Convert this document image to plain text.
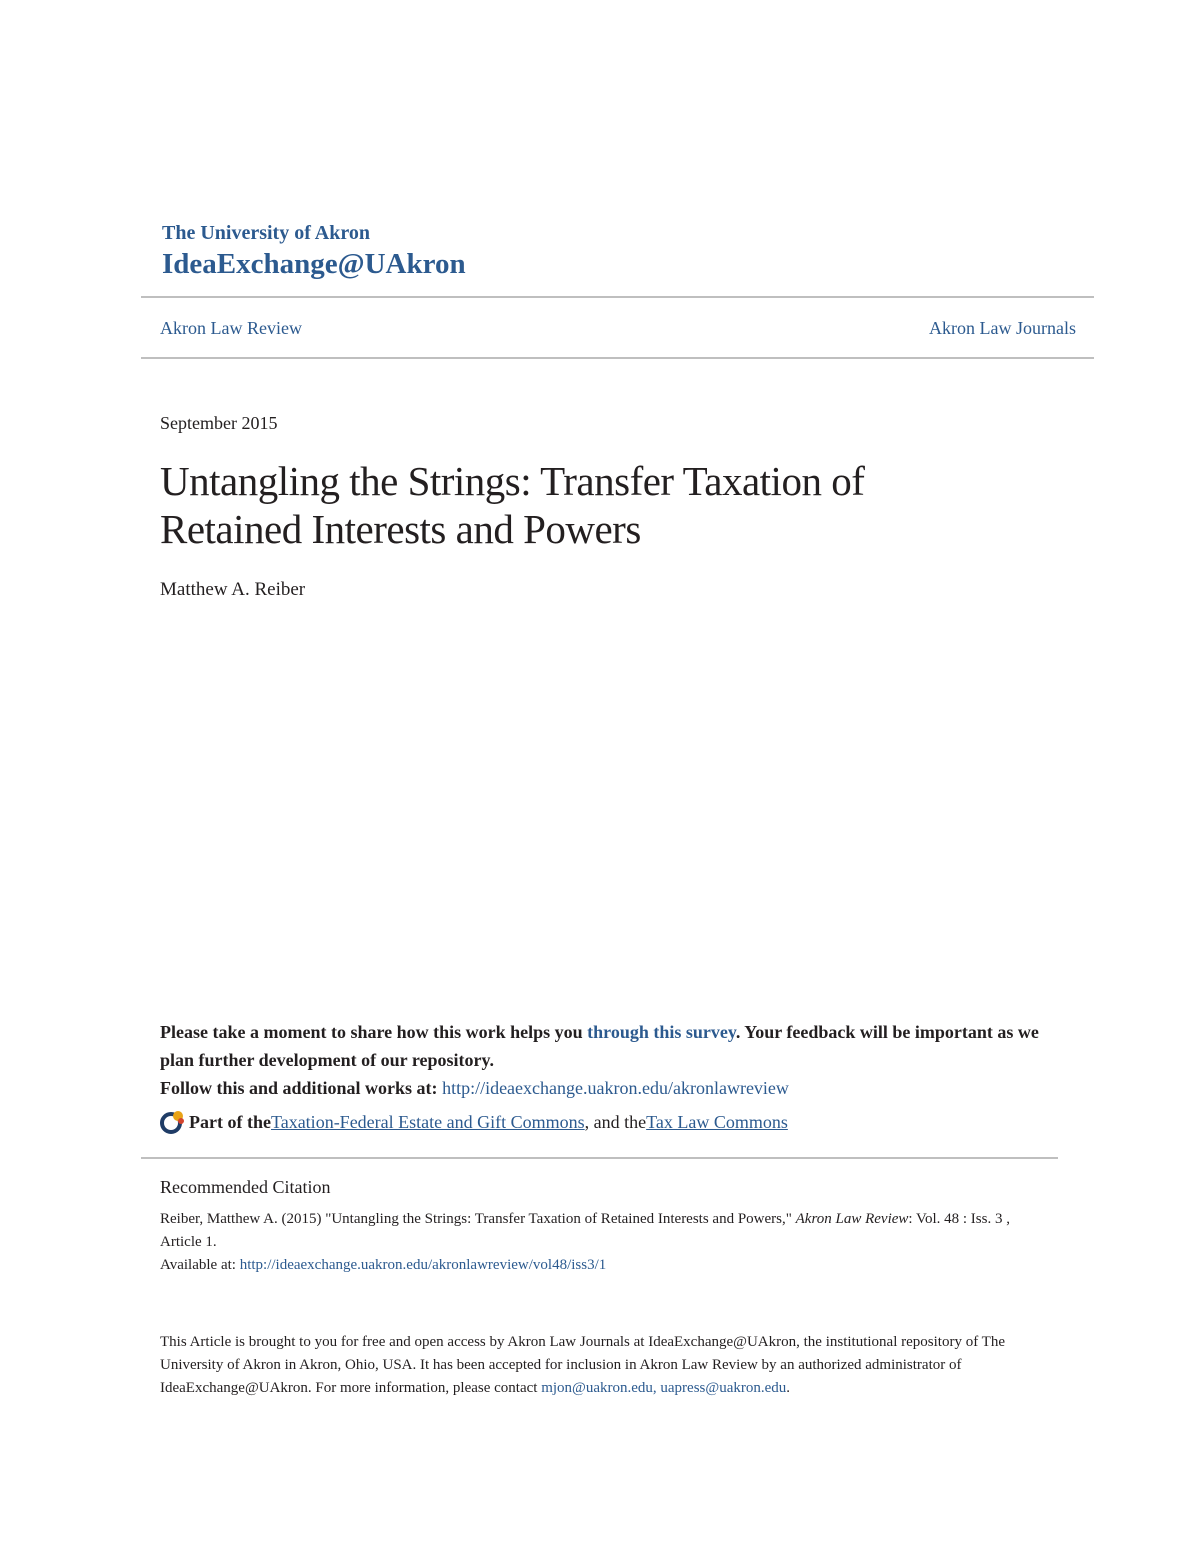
The University of Akron
IdeaExchange@UAkron
Akron Law Review	Akron Law Journals
September 2015
Untangling the Strings: Transfer Taxation of
Retained Interests and Powers
Matthew A. Reiber
Please take a moment to share how this work helps you through this survey. Your feedback will be important as we plan further development of our repository.
Follow this and additional works at: http://ideaexchange.uakron.edu/akronlawreview
Part of the Taxation-Federal Estate and Gift Commons , and the Tax Law Commons
Recommended Citation
Reiber, Matthew A. (2015) "Untangling the Strings: Transfer Taxation of Retained Interests and Powers," Akron Law Review: Vol. 48 : Iss. 3 , Article 1.
Available at: http://ideaexchange.uakron.edu/akronlawreview/vol48/iss3/1
This Article is brought to you for free and open access by Akron Law Journals at IdeaExchange@UAkron, the institutional repository of The University of Akron in Akron, Ohio, USA. It has been accepted for inclusion in Akron Law Review by an authorized administrator of IdeaExchange@UAkron. For more information, please contact mjon@uakron.edu, uapress@uakron.edu.
